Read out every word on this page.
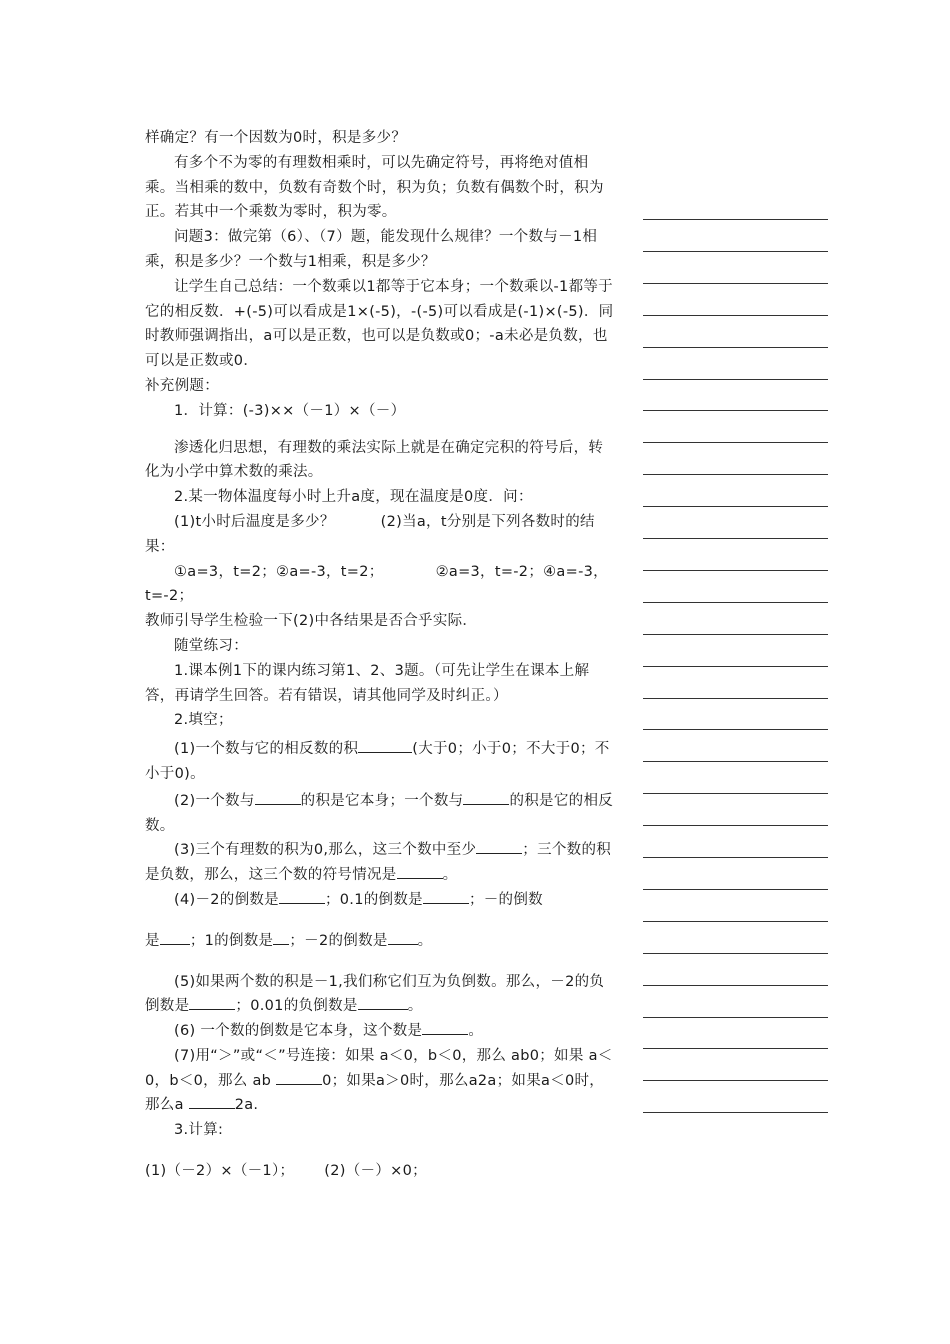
样确定？有一个因数为0时，积是多少？

有多个不为零的有理数相乘时，可以先确定符号，再将绝对值相乘。当相乘的数中，负数有奇数个时，积为负；负数有偶数个时，积为正。若其中一个乘数为零时，积为零。

问题3：做完第（6）、（7）题，能发现什么规律？一个数与－1相乘，积是多少？一个数与1相乘，积是多少？

让学生自己总结：一个数乘以1都等于它本身；一个数乘以-1都等于它的相反数．+(-5)可以看成是1×(-5)，-(-5)可以看成是(-1)×(-5)．同时教师强调指出，a可以是正数，也可以是负数或0；-a未必是负数，也可以是正数或0．

补充例题：

1．计算：(-3)××（－1）×（－）

渗透化归思想，有理数的乘法实际上就是在确定完积的符号后，转化为小学中算术数的乘法。

2.某一物体温度每小时上升a度，现在温度是0度．问：

(1)t小时后温度是多少？	(2)当a，t分别是下列各数时的结果：

①a=3，t=2；②a=-3，t=2；	②a=3，t=-2；④a=-3，t=-2；

教师引导学生检验一下(2)中各结果是否合乎实际．

随堂练习：

1.课本例1下的课内练习第1、2、3题。（可先让学生在课本上解答，再请学生回答。若有错误，请其他同学及时纠正。）

2.填空；

(1)一个数与它的相反数的积	(大于0；小于0；不大于0；不小于0)。

(2)一个数与	的积是它本身；一个数与	的积是它的相反数。

(3)三个有理数的积为0,那么，这三个数中至少	；三个数的积是负数，那么，这三个数的符号情况是	。

(4)－2的倒数是	；0.1的倒数是	；－的倒数

是 ；1的倒数是 ；－2的倒数是 。

(5)如果两个数的积是－1,我们称它们互为负倒数。那么，－2的负倒数是	；0.01的负倒数是	。

(6) 一个数的倒数是它本身，这个数是	。

(7)用“＞”或“＜”号连接：如果 a＜0，b＜0，那么 ab0；如果 a＜0，b＜0，那么 ab	0；如果a＞0时，那么a2a；如果a＜0时，那么a	2a.

3.计算:

(1)（－2）×（－1）； (2)（－）×0；
